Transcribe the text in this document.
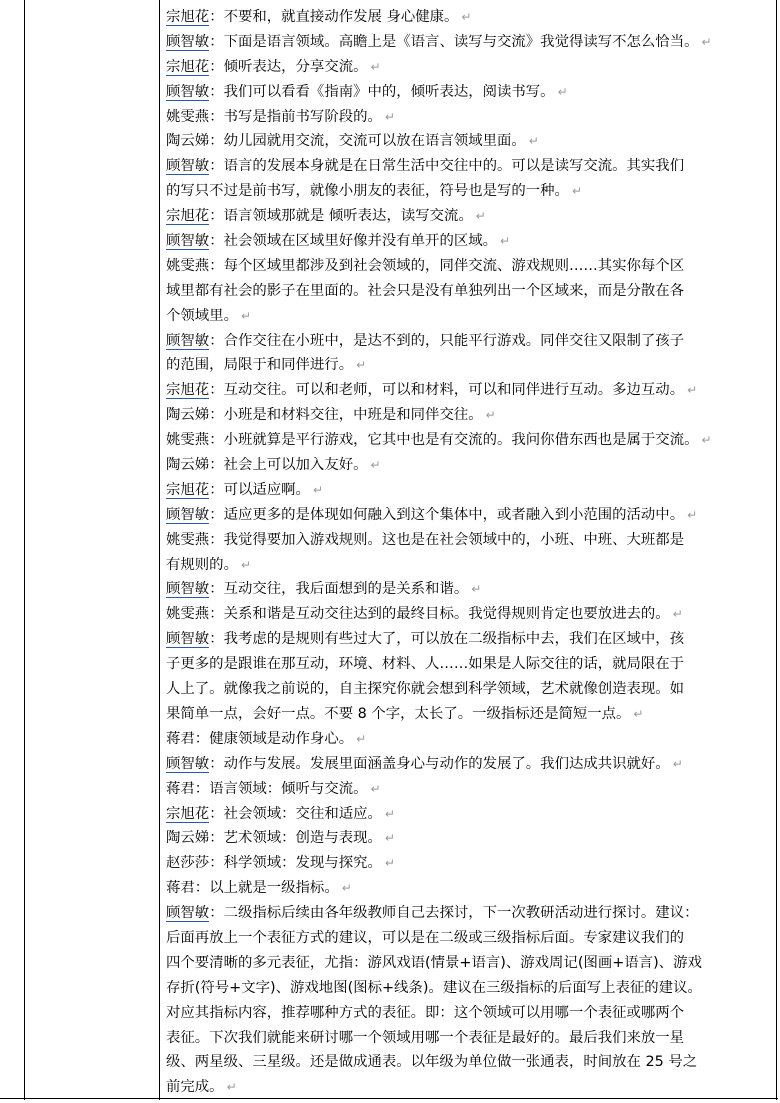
宗旭花：不要和，就直接动作发展 身心健康。 ↵
顾智敏：下面是语言领域。高瞻上是《语言、读写与交流》我觉得读写不怎么恰当。 ↵
宗旭花：倾听表达，分享交流。 ↵
顾智敏：我们可以看看《指南》中的，倾听表达，阅读书写。 ↵
姚雯燕：书写是指前书写阶段的。 ↵
陶云娣：幼儿园就用交流，交流可以放在语言领域里面。 ↵
顾智敏：语言的发展本身就是在日常生活中交往中的。可以是读写交流。其实我们
的写只不过是前书写，就像小朋友的表征，符号也是写的一种。 ↵
宗旭花：语言领域那就是 倾听表达，读写交流。 ↵
顾智敏：社会领域在区域里好像并没有单开的区域。 ↵
姚雯燕：每个区域里都涉及到社会领域的，同伴交流、游戏规则……其实你每个区
域里都有社会的影子在里面的。社会只是没有单独列出一个区域来，而是分散在各
个领域里。 ↵
顾智敏：合作交往在小班中，是达不到的，只能平行游戏。同伴交往又限制了孩子
的范围，局限于和同伴进行。 ↵
宗旭花：互动交往。可以和老师，可以和材料，可以和同伴进行互动。多边互动。 ↵
陶云娣：小班是和材料交往，中班是和同伴交往。 ↵
姚雯燕：小班就算是平行游戏，它其中也是有交流的。我问你借东西也是属于交流。 ↵
陶云娣：社会上可以加入友好。 ↵
宗旭花：可以适应啊。 ↵
顾智敏：适应更多的是体现如何融入到这个集体中，或者融入到小范围的活动中。 ↵
姚雯燕：我觉得要加入游戏规则。这也是在社会领域中的，小班、中班、大班都是
有规则的。 ↵
顾智敏：互动交往，我后面想到的是关系和谐。 ↵
姚雯燕：关系和谐是互动交往达到的最终目标。我觉得规则肯定也要放进去的。 ↵
顾智敏：我考虑的是规则有些过大了，可以放在二级指标中去，我们在区域中，孩
子更多的是跟谁在那互动，环境、材料、人……如果是人际交往的话，就局限在于
人上了。就像我之前说的，自主探究你就会想到科学领域，艺术就像创造表现。如
果简单一点，会好一点。不要 8 个字，太长了。一级指标还是简短一点。 ↵
蒋君：健康领域是动作身心。 ↵
顾智敏：动作与发展。发展里面涵盖身心与动作的发展了。我们达成共识就好。 ↵
蒋君：语言领域：倾听与交流。 ↵
宗旭花：社会领域：交往和适应。 ↵
陶云娣：艺术领域：创造与表现。 ↵
赵莎莎：科学领域：发现与探究。 ↵
蒋君：以上就是一级指标。 ↵
顾智敏：二级指标后续由各年级教师自己去探讨，下一次教研活动进行探讨。建议：
后面再放上一个表征方式的建议，可以是在二级或三级指标后面。专家建议我们的
四个要清晰的多元表征，尤指：游风戏语(情景+语言)、游戏周记(图画+语言)、游戏
存折(符号+文字)、游戏地图(图标+线条)。建议在三级指标的后面写上表征的建议。
对应其指标内容，推荐哪种方式的表征。即：这个领域可以用哪一个表征或哪两个
表征。下次我们就能来研讨哪一个领域用哪一个表征是最好的。最后我们来放一星
级、两星级、三星级。还是做成通表。以年级为单位做一张通表，时间放在 25 号之
前完成。 ↵
